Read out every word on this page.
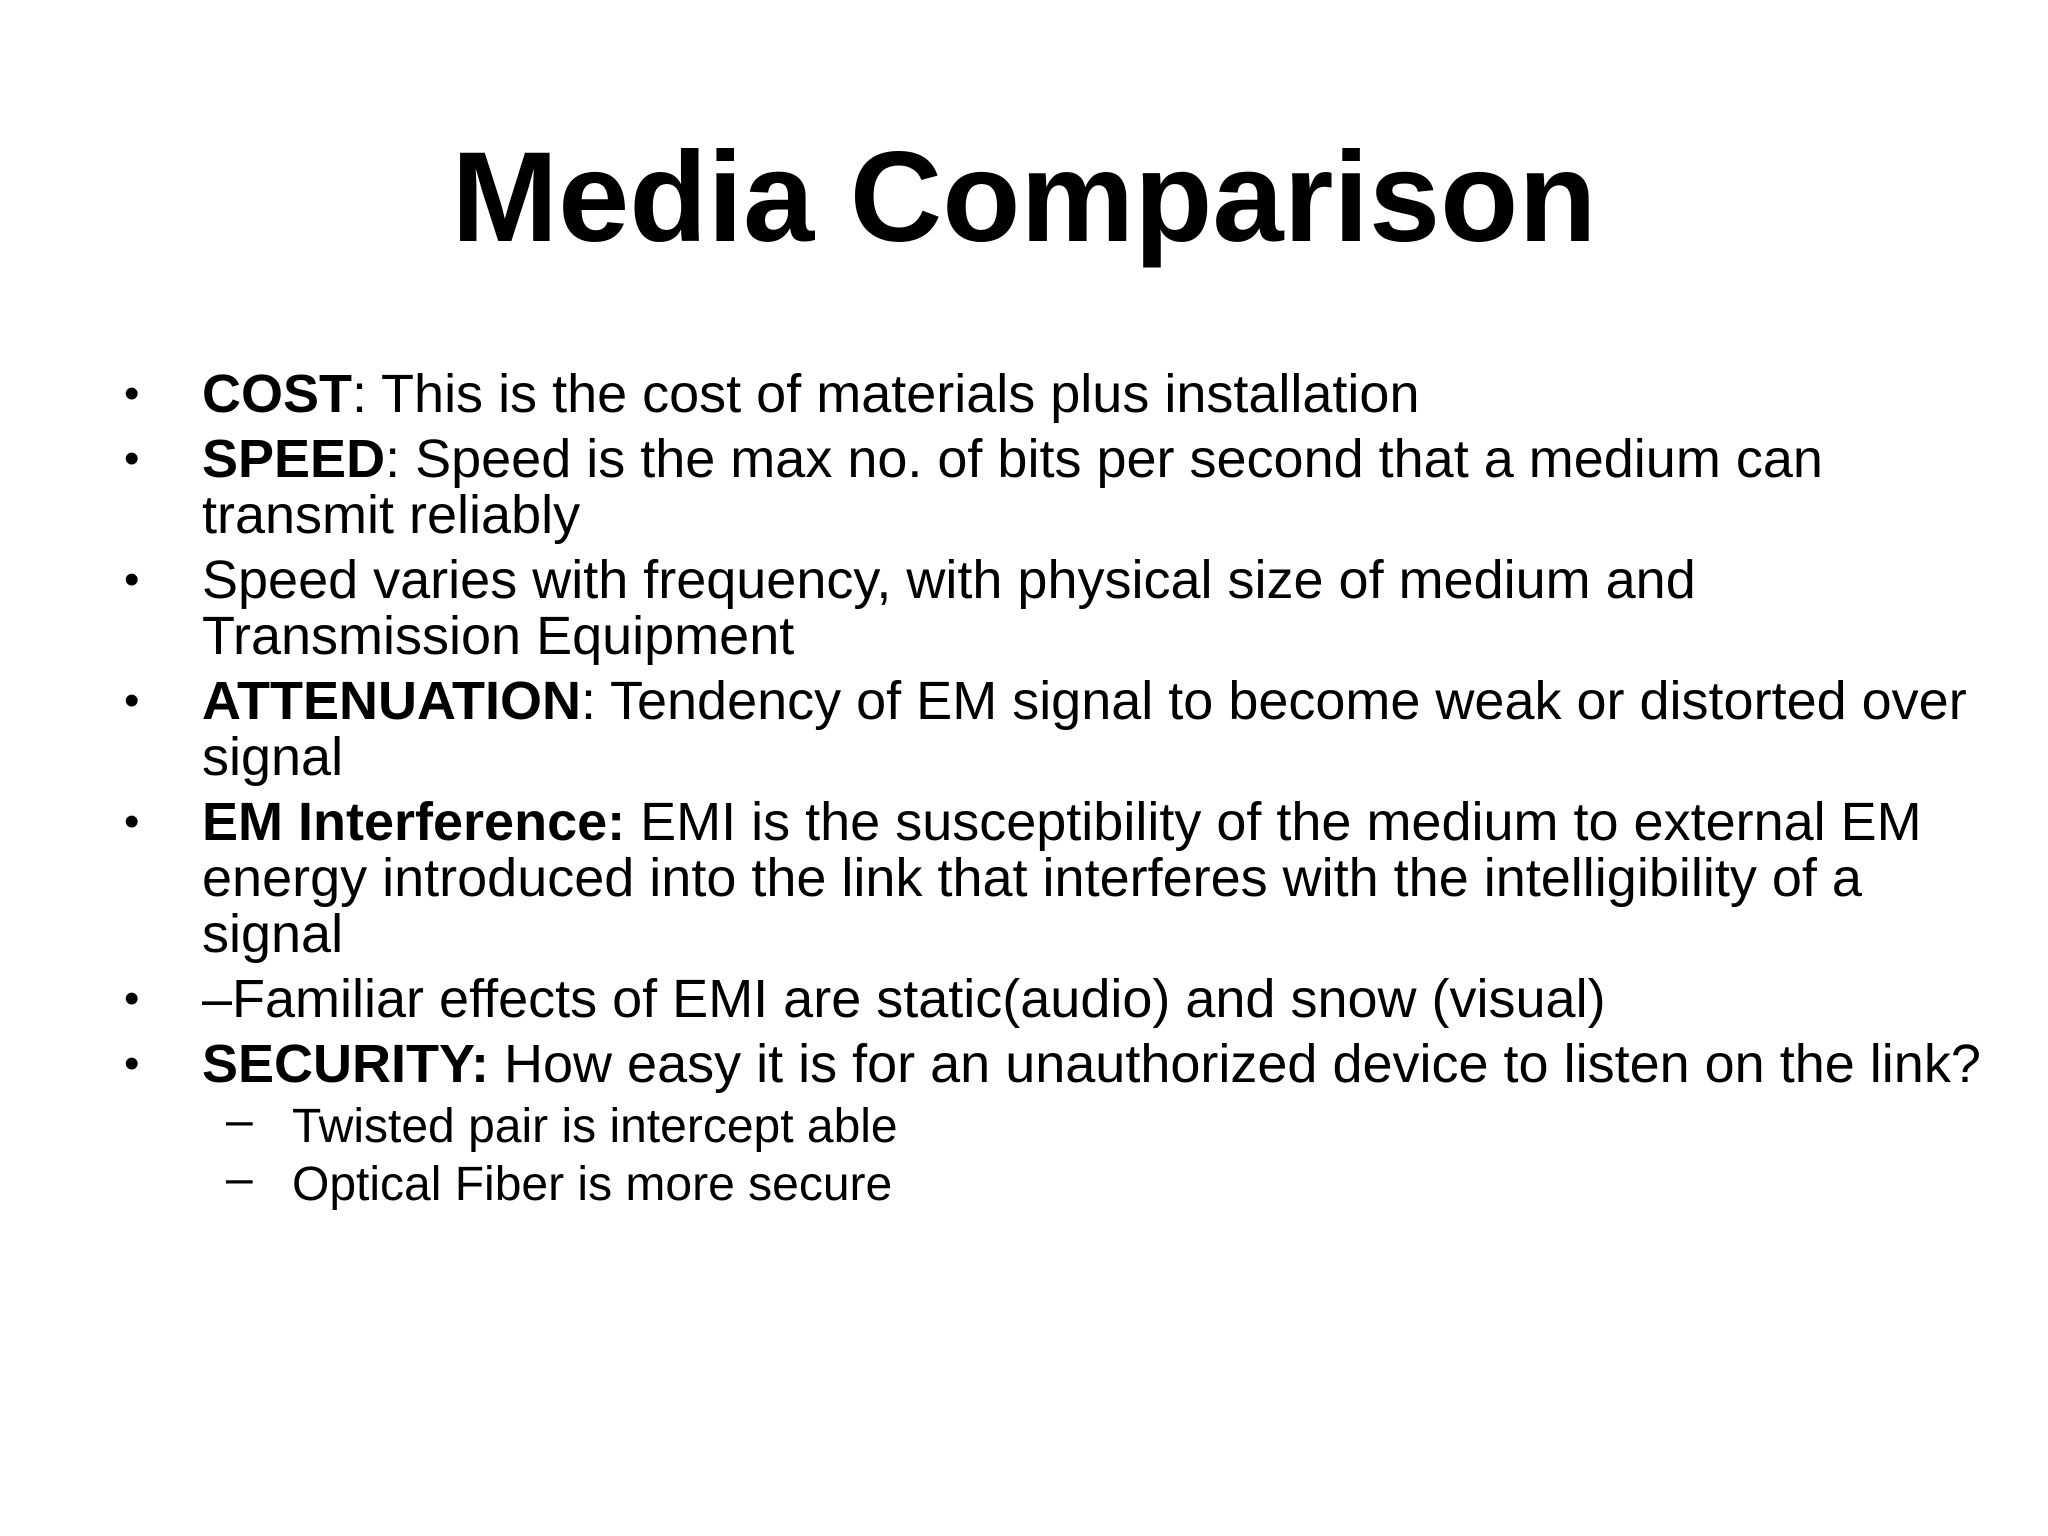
Media Comparison
• COST: This is the cost of materials plus installation
• SPEED: Speed is the max no. of bits per second that a medium can transmit reliably
• Speed varies with frequency, with physical size of medium and Transmission Equipment
• ATTENUATION: Tendency of EM signal to become weak or distorted over signal
• EM Interference: EMI is the susceptibility of the medium to external EM energy introduced into the link that interferes with the intelligibility of a signal
• –Familiar effects of EMI are static(audio) and snow (visual)
• SECURITY: How easy it is for an unauthorized device to listen on the link?
– Twisted pair is intercept able
– Optical Fiber is more secure
